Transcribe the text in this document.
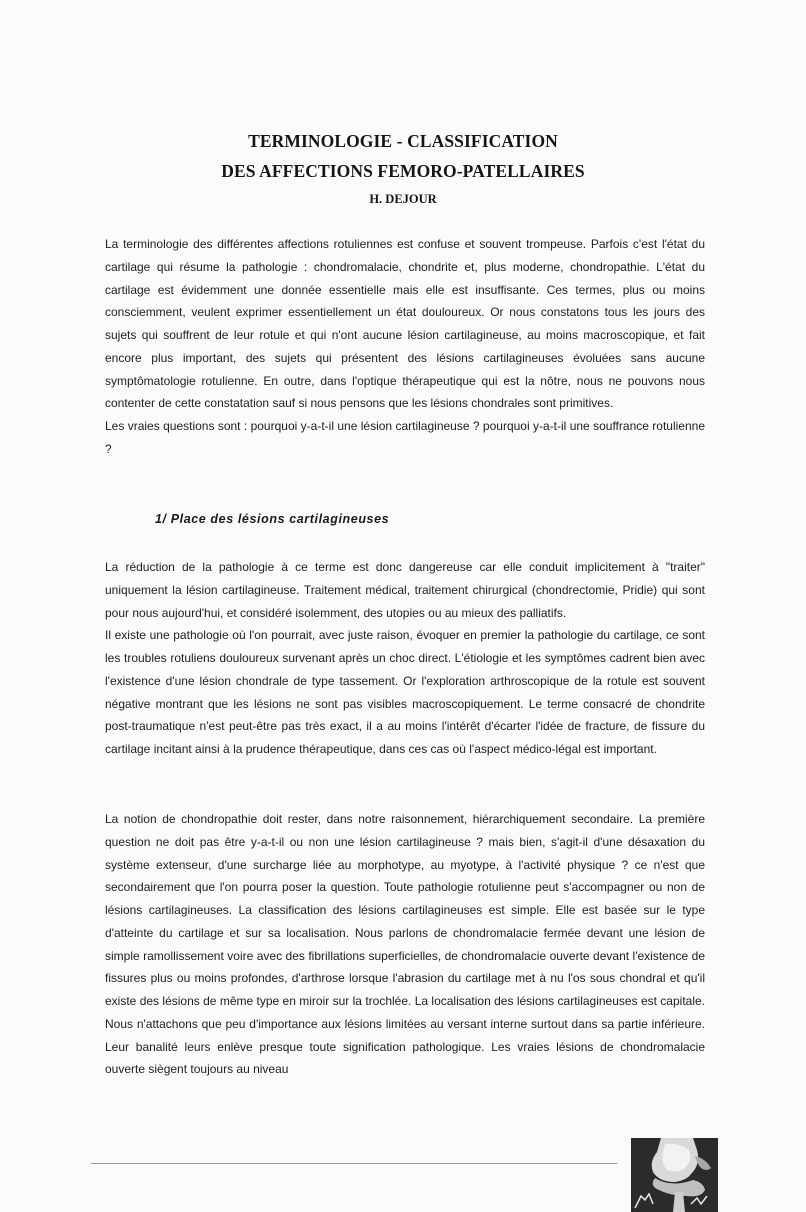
TERMINOLOGIE - CLASSIFICATION
DES AFFECTIONS FEMORO-PATELLAIRES
H. DEJOUR

La terminologie des différentes affections rotuliennes est confuse et souvent trompeuse. Parfois c'est l'état du cartilage qui résume la pathologie : chondromalacie, chondrite et, plus moderne, chondropathie. L'état du cartilage est évidemment une donnée essentielle mais elle est insuffisante. Ces termes, plus ou moins consciemment, veulent exprimer essentiellement un état douloureux. Or nous constatons tous les jours des sujets qui souffrent de leur rotule et qui n'ont aucune lésion cartilagineuse, au moins macroscopique, et fait encore plus important, des sujets qui présentent des lésions cartilagineuses évoluées sans aucune symptômatologie rotulienne. En outre, dans l'optique thérapeutique qui est la nôtre, nous ne pouvons nous contenter de cette constatation sauf si nous pensons que les lésions chondrales sont primitives.

Les vraies questions sont : pourquoi y-a-t-il une lésion cartilagineuse ? pourquoi y-a-t-il une souffrance rotulienne ?

1/ Place des lésions cartilagineuses

La réduction de la pathologie à ce terme est donc dangereuse car elle conduit implicitement à "traiter" uniquement la lésion cartilagineuse. Traitement médical, traitement chirurgical (chondrectomie, Pridie) qui sont pour nous aujourd'hui, et considéré isolemment, des utopies ou au mieux des palliatifs.

Il existe une pathologie où l'on pourrait, avec juste raison, évoquer en premier la pathologie du cartilage, ce sont les troubles rotuliens douloureux survenant après un choc direct. L'étiologie et les symptômes cadrent bien avec l'existence d'une lésion chondrale de type tassement. Or l'exploration arthroscopique de la rotule est souvent négative montrant que les lésions ne sont pas visibles macroscopiquement. Le terme consacré de chondrite post-traumatique n'est peut-être pas très exact, il a au moins l'intérêt d'écarter l'idée de fracture, de fissure du cartilage incitant ainsi à la prudence thérapeutique, dans ces cas où l'aspect médico-légal est important.

La notion de chondropathie doit rester, dans notre raisonnement, hiérarchiquement secondaire. La première question ne doit pas être y-a-t-il ou non une lésion cartilagineuse ? mais bien, s'agit-il d'une désaxation du système extenseur, d'une surcharge liée au morphotype, au myotype, à l'activité physique ? ce n'est que secondairement que l'on pourra poser la question. Toute pathologie rotulienne peut s'accompagner ou non de lésions cartilagineuses. La classification des lésions cartilagineuses est simple. Elle est basée sur le type d'atteinte du cartilage et sur sa localisation. Nous parlons de chondromalacie fermée devant une lésion de simple ramollissement voire avec des fibrillations superficielles, de chondromalacie ouverte devant l'existence de fissures plus ou moins profondes, d'arthrose lorsque l'abrasion du cartilage met à nu l'os sous chondral et qu'il existe des lésions de même type en miroir sur la trochlée. La localisation des lésions cartilagineuses est capitale. Nous n'attachons que peu d'importance aux lésions limitées au versant interne surtout dans sa partie inférieure. Leur banalité leurs enlève presque toute signification pathologique. Les vraies lésions de chondromalacie ouverte siègent toujours au niveau
